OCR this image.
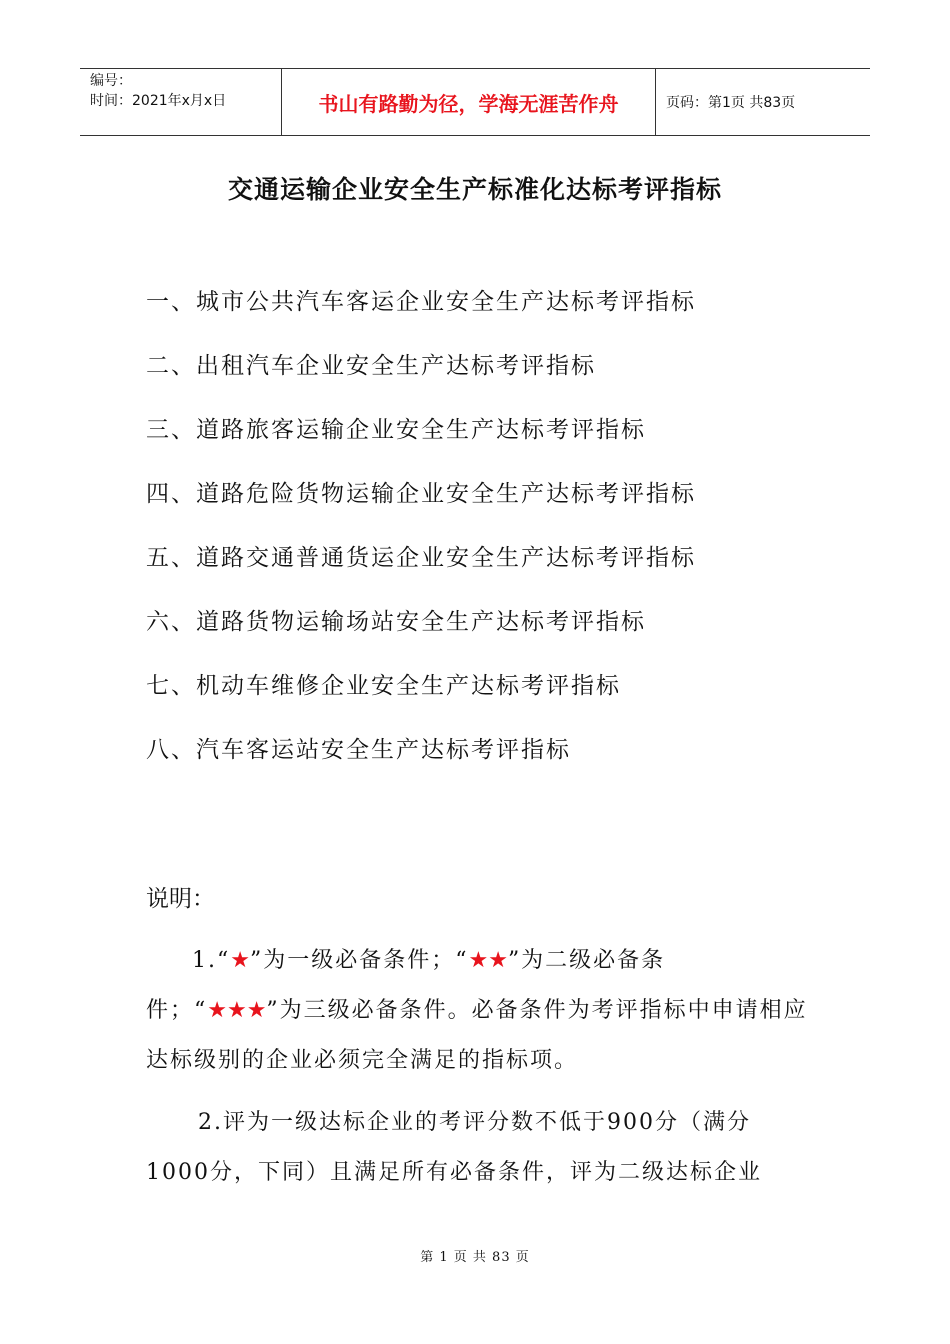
编号：
时间：2021年x月x日	书山有路勤为径，学海无涯苦作舟	页码：第1页 共83页
交通运输企业安全生产标准化达标考评指标
一、城市公共汽车客运企业安全生产达标考评指标
二、出租汽车企业安全生产达标考评指标
三、道路旅客运输企业安全生产达标考评指标
四、道路危险货物运输企业安全生产达标考评指标
五、道路交通普通货运企业安全生产达标考评指标
六、道路货物运输场站安全生产达标考评指标
七、机动车维修企业安全生产达标考评指标
八、汽车客运站安全生产达标考评指标
说明：
1.“★”为一级必备条件；“★★”为二级必备条件；“★★★”为三级必备条件。必备条件为考评指标中申请相应达标级别的企业必须完全满足的指标项。
2.评为一级达标企业的考评分数不低于900分（满分1000分，下同）且满足所有必备条件，评为二级达标企业
第 1 页 共 83 页
